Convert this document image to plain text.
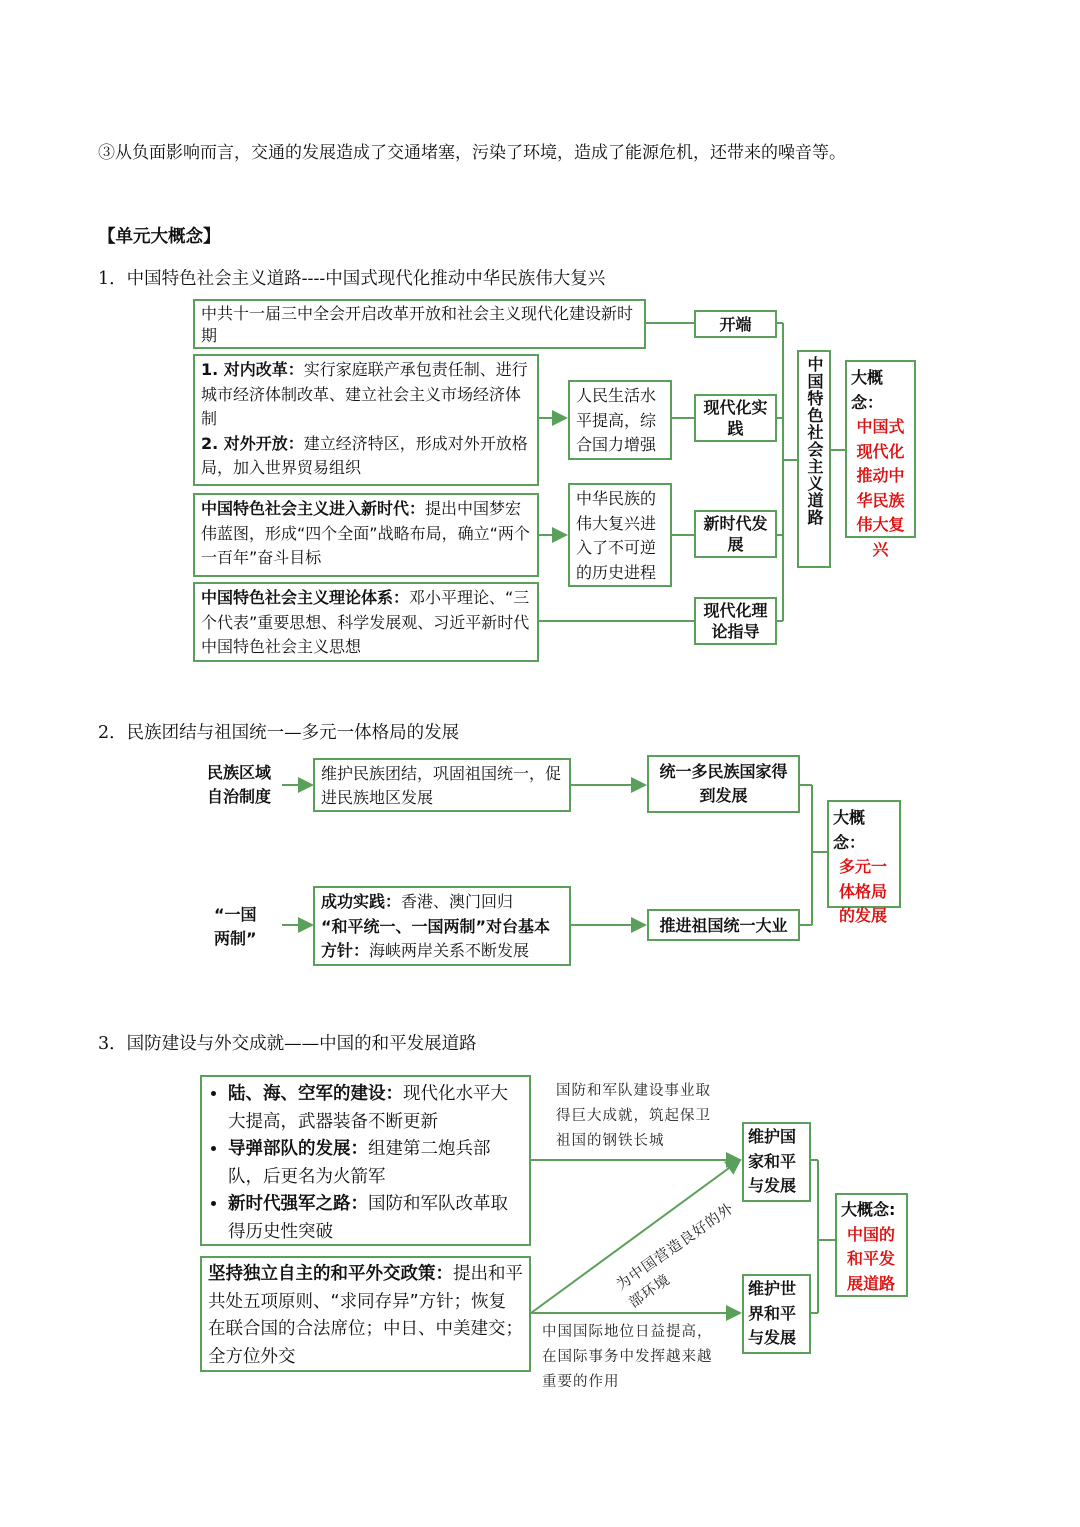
③从负面影响而言，交通的发展造成了交通堵塞，污染了环境，造成了能源危机，还带来的噪音等。
【单元大概念】
1．中国特色社会主义道路----中国式现代化推动中华民族伟大复兴
中共十一届三中全会开启改革开放和社会主义现代化建设新时期
1. 对内改革：实行家庭联产承包责任制、进行城市经济体制改革、建立社会主义市场经济体制
2. 对外开放：建立经济特区，形成对外开放格局，加入世界贸易组织
中国特色社会主义进入新时代：提出中国梦宏伟蓝图，形成“四个全面”战略布局，确立“两个一百年”奋斗目标
中国特色社会主义理论体系：邓小平理论、“三个代表”重要思想、科学发展观、习近平新时代中国特色社会主义思想
人民生活水平提高，综合国力增强
中华民族的伟大复兴进入了不可逆的历史进程
开端
现代化实践
新时代发展
现代化理论指导
中国特色社会主义道路	大概念：
中国式现代化推动中华民族伟大复兴
2．民族团结与祖国统一—多元一体格局的发展
民族区域自治制度
维护民族团结，巩固祖国统一，促进民族地区发展
统一多民族国家得到发展
“一国两制”
成功实践：香港、澳门回归
“和平统一、一国两制”对台基本方针：海峡两岸关系不断发展
推进祖国统一大业
大概念：
多元一体格局的发展
3．国防建设与外交成就——中国的和平发展道路
• 陆、海、空军的建设：现代化水平大大提高，武器装备不断更新
• 导弹部队的发展：组建第二炮兵部队，后更名为火箭军
• 新时代强军之路：国防和军队改革取得历史性突破
坚持独立自主的和平外交政策：提出和平共处五项原则、“求同存异”方针；恢复在联合国的合法席位；中日、中美建交；全方位外交
国防和军队建设事业取得巨大成就，筑起保卫祖国的钢铁长城
为中国营造良好的外部环境
中国国际地位日益提高，在国际事务中发挥越来越重要的作用
维护国家和平与发展
维护世界和平与发展
大概念:
中国的和平发展道路
